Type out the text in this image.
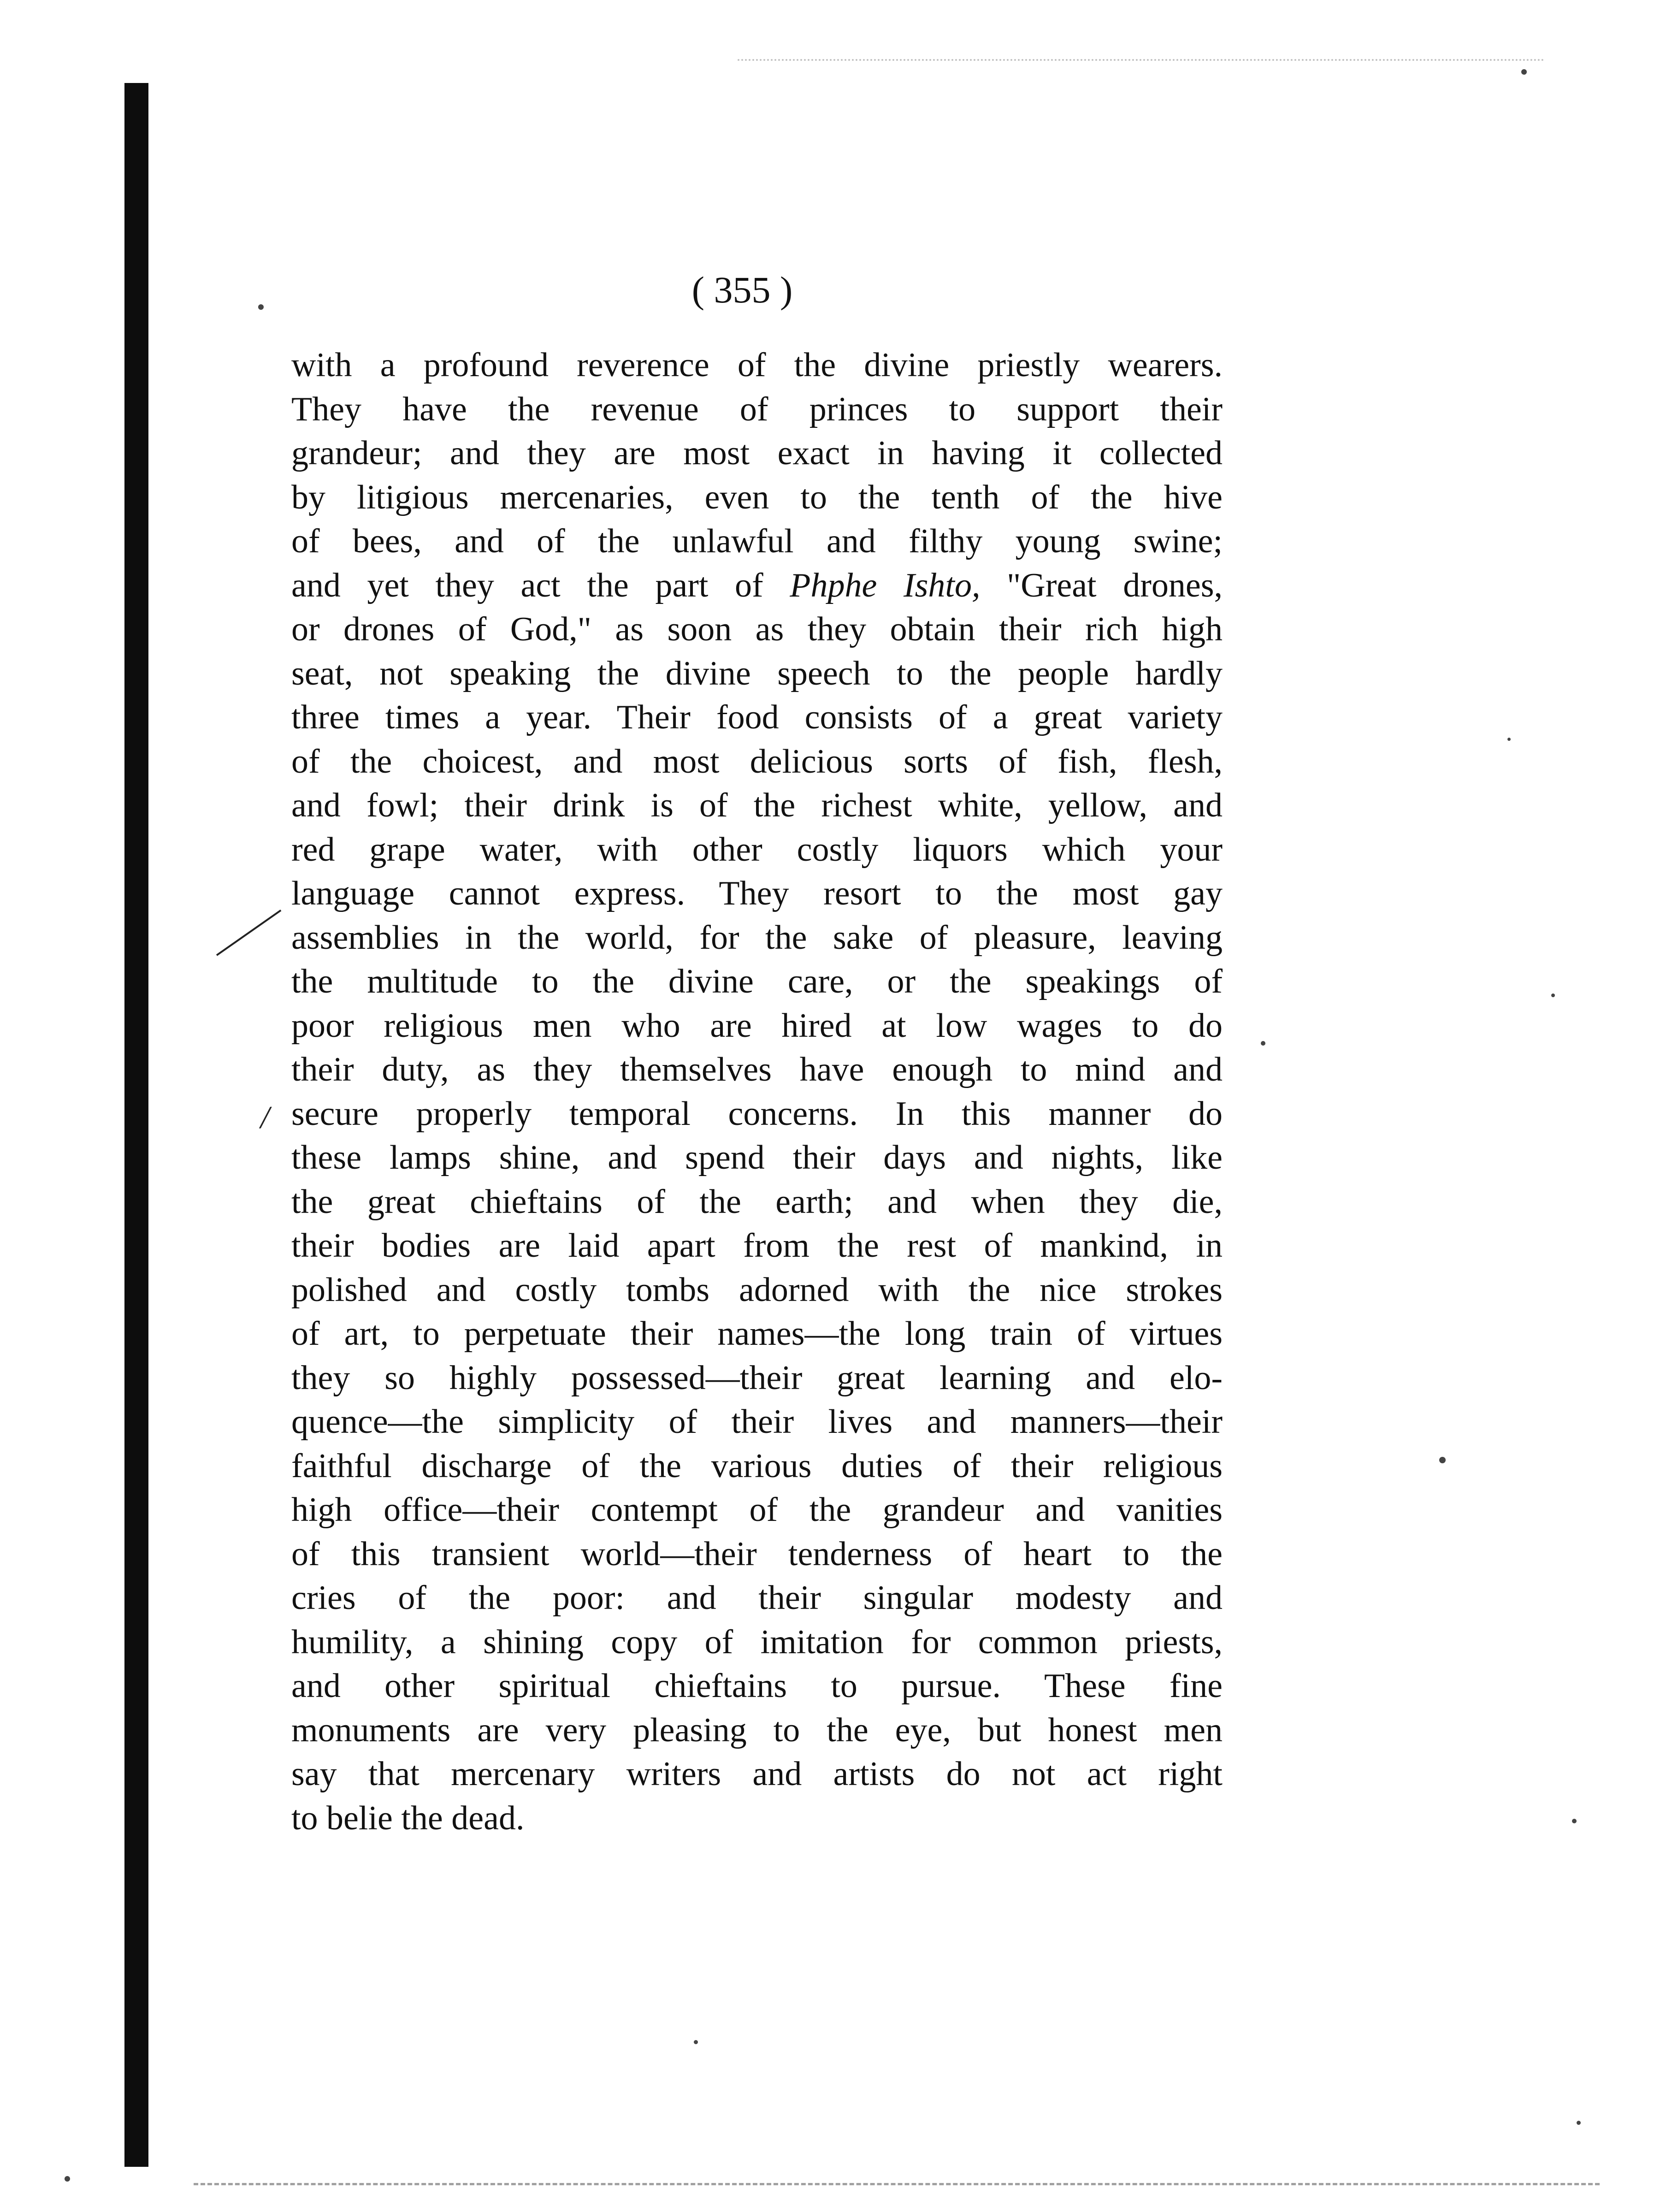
( 355 )
with a profound reverence of the divine priestly wearers.
They have the revenue of princes to support their
grandeur; and they are most exact in having it collected
by litigious mercenaries, even to the tenth of the hive
of bees, and of the unlawful and filthy young swine;
and yet they act the part of Phphe Ishto, "Great drones,
or drones of God," as soon as they obtain their rich high
seat, not speaking the divine speech to the people hardly
three times a year. Their food consists of a great variety
of the choicest, and most delicious sorts of fish, flesh,
and fowl; their drink is of the richest white, yellow, and
red grape water, with other costly liquors which your
language cannot express. They resort to the most gay
assemblies in the world, for the sake of pleasure, leaving
the multitude to the divine care, or the speakings of
poor religious men who are hired at low wages to do
their duty, as they themselves have enough to mind and
secure properly temporal concerns. In this manner do
these lamps shine, and spend their days and nights, like
the great chieftains of the earth; and when they die,
their bodies are laid apart from the rest of mankind, in
polished and costly tombs adorned with the nice strokes
of art, to perpetuate their names—the long train of virtues
they so highly possessed—their great learning and elo-
quence—the simplicity of their lives and manners—their
faithful discharge of the various duties of their religious
high office—their contempt of the grandeur and vanities
of this transient world—their tenderness of heart to the
cries of the poor: and their singular modesty and
humility, a shining copy of imitation for common priests,
and other spiritual chieftains to pursue. These fine
monuments are very pleasing to the eye, but honest men
say that mercenary writers and artists do not act right
to belie the dead.
/
